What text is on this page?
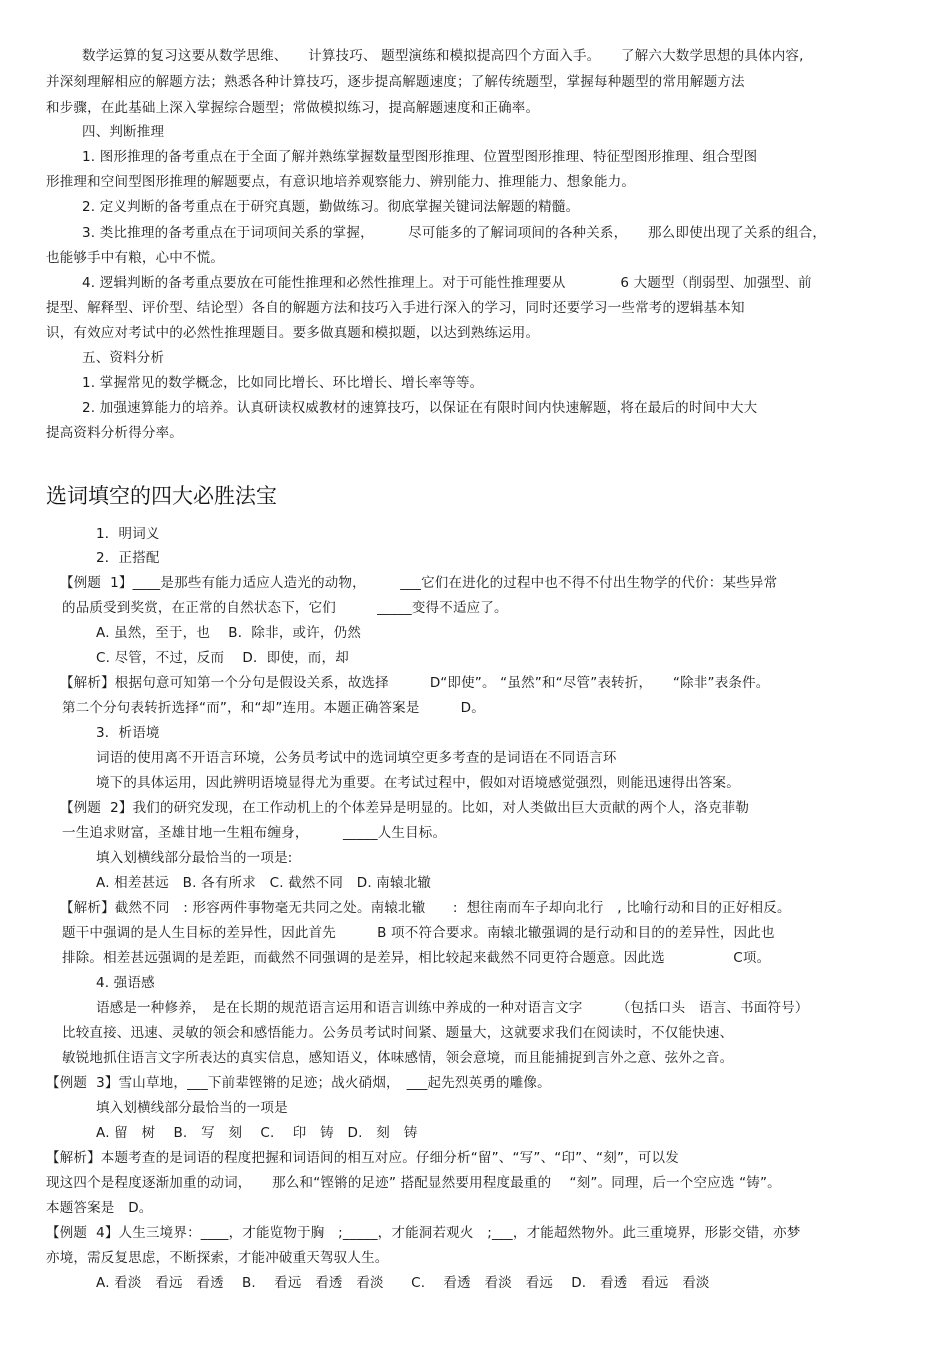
数学运算的复习这要从数学思维、　　计算技巧、 题型演练和模拟提高四个方面入手。　　了解六大数学思想的具体内容,
并深刻理解相应的解题方法；熟悉各种计算技巧，逐步提高解题速度；了解传统题型，掌握每种题型的常用解题方法
和步骤，在此基础上深入掌握综合题型；常做模拟练习，提高解题速度和正确率。
四、判断推理
1. 图形推理的备考重点在于全面了解并熟练掌握数量型图形推理、位置型图形推理、特征型图形推理、组合型图
形推理和空间型图形推理的解题要点，有意识地培养观察能力、辨别能力、推理能力、想象能力。
2. 定义判断的备考重点在于研究真题，勤做练习。彻底掌握关键词法解题的精髓。
3. 类比推理的备考重点在于词项间关系的掌握，　　　尽可能多的了解词项间的各种关系，　　那么即使出现了关系的组合，
也能够手中有粮，心中不慌。
4. 逻辑判断的备考重点要放在可能性推理和必然性推理上。对于可能性推理要从　　　　6 大题型（削弱型、加强型、前
提型、解释型、评价型、结论型）各自的解题方法和技巧入手进行深入的学习，同时还要学习一些常考的逻辑基本知
识，有效应对考试中的必然性推理题目。要多做真题和模拟题，以达到熟练运用。
五、资料分析
1. 掌握常见的数学概念，比如同比增长、环比增长、增长率等等。
2. 加强速算能力的培养。认真研读权威教材的速算技巧，以保证在有限时间内快速解题，将在最后的时间中大大
提高资料分析得分率。
选词填空的四大必胜法宝
1．明词义
2．正搭配
【例题  1】____是那些有能力适应人造光的动物，　　　___它们在进化的过程中也不得不付出生物学的代价：某些异常
的品质受到奖赏，在正常的自然状态下，它们　　　_____变得不适应了。
A. 虽然，至于，也　 B．除非，或许，仍然
C. 尽管，不过，反而　 D．即使，而，却
【解析】根据句意可知第一个分句是假设关系，故选择　　　D“即使”。 “虽然”和“尽管”表转折，　　“除非”表条件。
第二个分句表转折选择“而”，和“却”连用。本题正确答案是　　　D。
3．析语境
词语的使用离不开语言环境，公务员考试中的选词填空更多考查的是词语在不同语言环
境下的具体运用，因此辨明语境显得尤为重要。在考试过程中，假如对语境感觉强烈，则能迅速得出答案。
【例题  2】我们的研究发现，在工作动机上的个体差异是明显的。比如，对人类做出巨大贡献的两个人，洛克菲勒
一生追求财富，圣雄甘地一生粗布缠身，　　　_____人生目标。
填入划横线部分最恰当的一项是:
A. 相差甚远　B. 各有所求　C. 截然不同　D. 南辕北辙
【解析】截然不同　: 形容两件事物毫无共同之处。南辕北辙　　:  想往南而车子却向北行　, 比喻行动和目的正好相反。
题干中强调的是人生目标的差异性，因此首先　　　B 项不符合要求。南辕北辙强调的是行动和目的的差异性，因此也
排除。相差甚远强调的是差距，而截然不同强调的是差异，相比较起来截然不同更符合题意。因此选　　　　　C项。
4. 强语感
语感是一种修养，　是在长期的规范语言运用和语言训练中养成的一种对语言文字　　　（包括口头　语言、书面符号）
比较直接、迅速、灵敏的领会和感悟能力。公务员考试时间紧、题量大，这就要求我们在阅读时，不仅能快速、
敏锐地抓住语言文字所表达的真实信息，感知语义，体味感情，领会意境，而且能捕捉到言外之意、弦外之音。
【例题  3】雪山草地，___下前辈铿锵的足迹；战火硝烟，　___起先烈英勇的雕像。
填入划横线部分最恰当的一项是
A. 留　树　 B.　写　刻　 C.　 印　铸　D.　刻　铸
【解析】本题考查的是词语的程度把握和词语间的相互对应。仔细分析“留”、“写”、“印”、“刻”，可以发
现这四个是程度逐渐加重的动词，　　那么和“铿锵的足迹” 搭配显然要用程度最重的　 “刻”。同理，后一个空应选 “铸”。
本题答案是　D。
【例题  4】人生三境界：____，才能览物于胸　;_____，才能洞若观火　;___，才能超然物外。此三重境界，形影交错，亦梦
亦境，需反复思虑，不断探索，才能冲破重天驾驭人生。
A. 看淡　看远　看透　 B.　 看远　看透　看淡　　C.　 看透　看淡　看远　 D.　看透　看远　看淡
